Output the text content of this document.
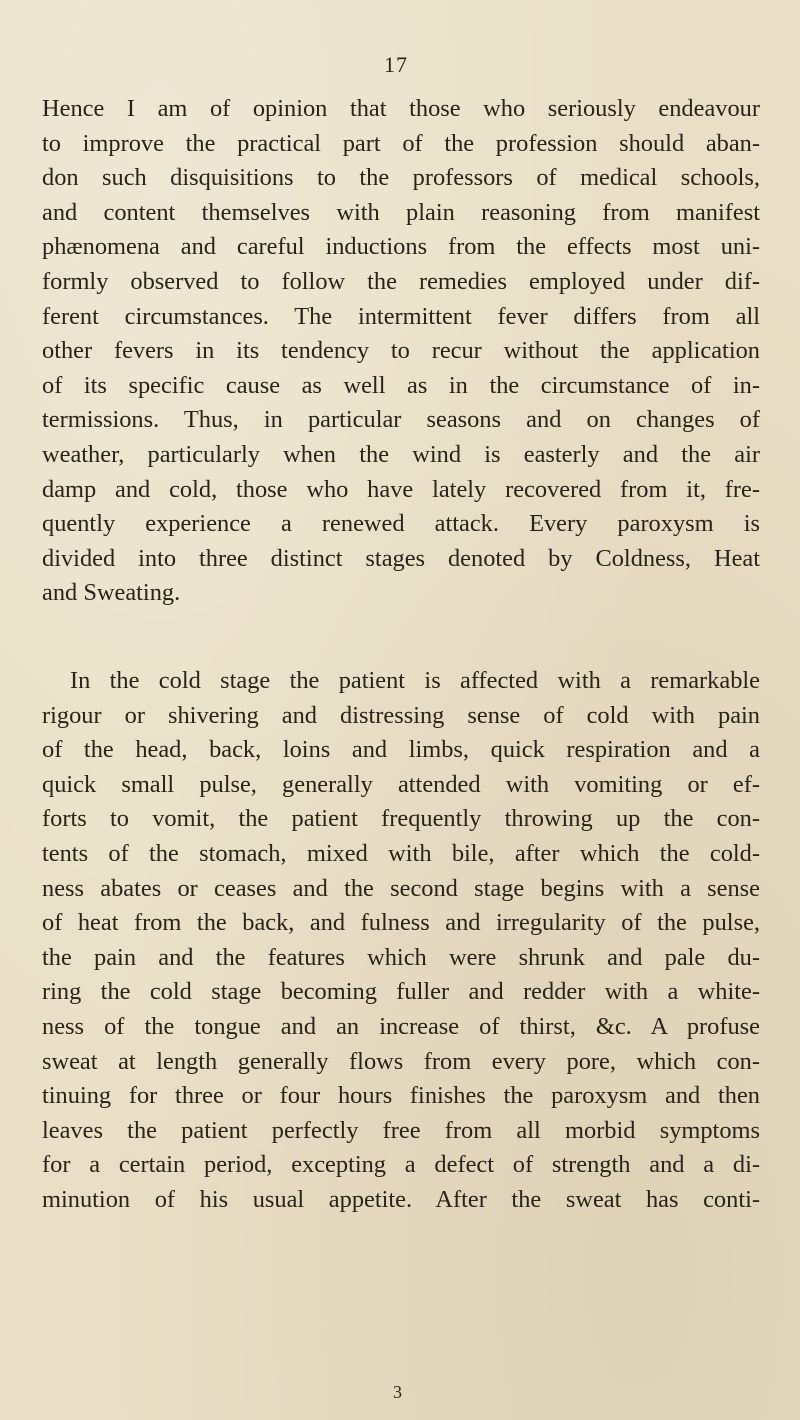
17
Hence I am of opinion that those who seriously endeavour
to improve the practical part of the profession should aban-
don such disquisitions to the professors of medical schools,
and content themselves with plain reasoning from manifest
phænomena and careful inductions from the effects most uni-
formly observed to follow the remedies employed under dif-
ferent circumstances. The intermittent fever differs from all
other fevers in its tendency to recur without the application
of its specific cause as well as in the circumstance of in-
termissions. Thus, in particular seasons and on changes of
weather, particularly when the wind is easterly and the air
damp and cold, those who have lately recovered from it, fre-
quently experience a renewed attack. Every paroxysm is
divided into three distinct stages denoted by Coldness, Heat
and Sweating.
In the cold stage the patient is affected with a remarkable
rigour or shivering and distressing sense of cold with pain
of the head, back, loins and limbs, quick respiration and a
quick small pulse, generally attended with vomiting or ef-
forts to vomit, the patient frequently throwing up the con-
tents of the stomach, mixed with bile, after which the cold-
ness abates or ceases and the second stage begins with a sense
of heat from the back, and fulness and irregularity of the pulse,
the pain and the features which were shrunk and pale du-
ring the cold stage becoming fuller and redder with a white-
ness of the tongue and an increase of thirst, &c. A profuse
sweat at length generally flows from every pore, which con-
tinuing for three or four hours finishes the paroxysm and then
leaves the patient perfectly free from all morbid symptoms
for a certain period, excepting a defect of strength and a di-
minution of his usual appetite. After the sweat has conti-
3
